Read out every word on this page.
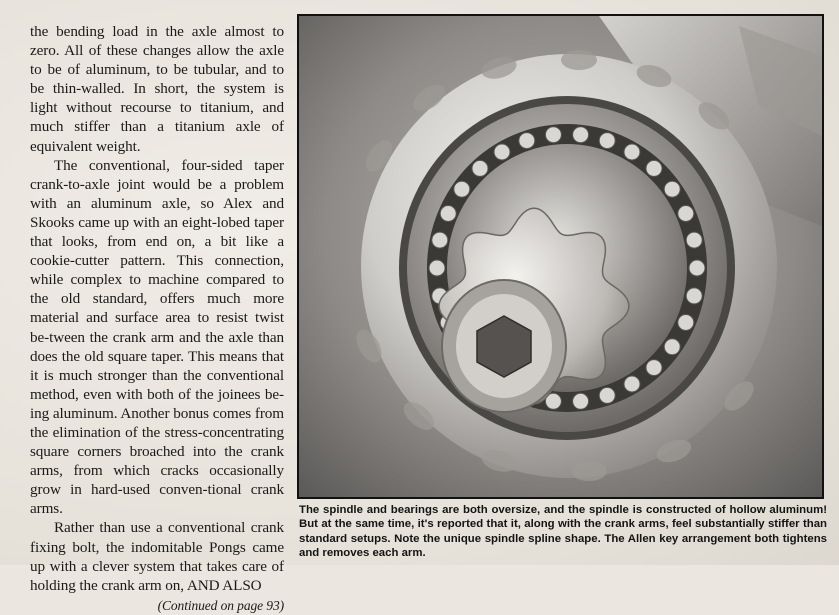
the bending load in the axle almost to zero. All of these changes allow the axle to be of aluminum, to be tubular, and to be thin-walled. In short, the system is light without recourse to titanium, and much stiffer than a titanium axle of equivalent weight.

The conventional, four-sided taper crank-to-axle joint would be a problem with an aluminum axle, so Alex and Skooks came up with an eight-lobed taper that looks, from end on, a bit like a cookie-cutter pattern. This connection, while complex to machine compared to the old standard, offers much more material and surface area to resist twist be-tween the crank arm and the axle than does the old square taper. This means that it is much stronger than the conventional method, even with both of the joinees be-ing aluminum. Another bonus comes from the elimination of the stress-concentrating square corners broached into the crank arms, from which cracks occasionally grow in hard-used conven-tional crank arms.

Rather than use a conventional crank fixing bolt, the indomitable Pongs came up with a clever system that takes care of holding the crank arm on, AND ALSO

(Continued on page 93)

The spindle and bearings are both oversize, and the spindle is constructed of hollow aluminum! But at the same time, it's reported that it, along with the crank arms, feel substantially stiffer than standard setups. Note the unique spindle spline shape. The Allen key arrangement both tightens and removes each arm.
